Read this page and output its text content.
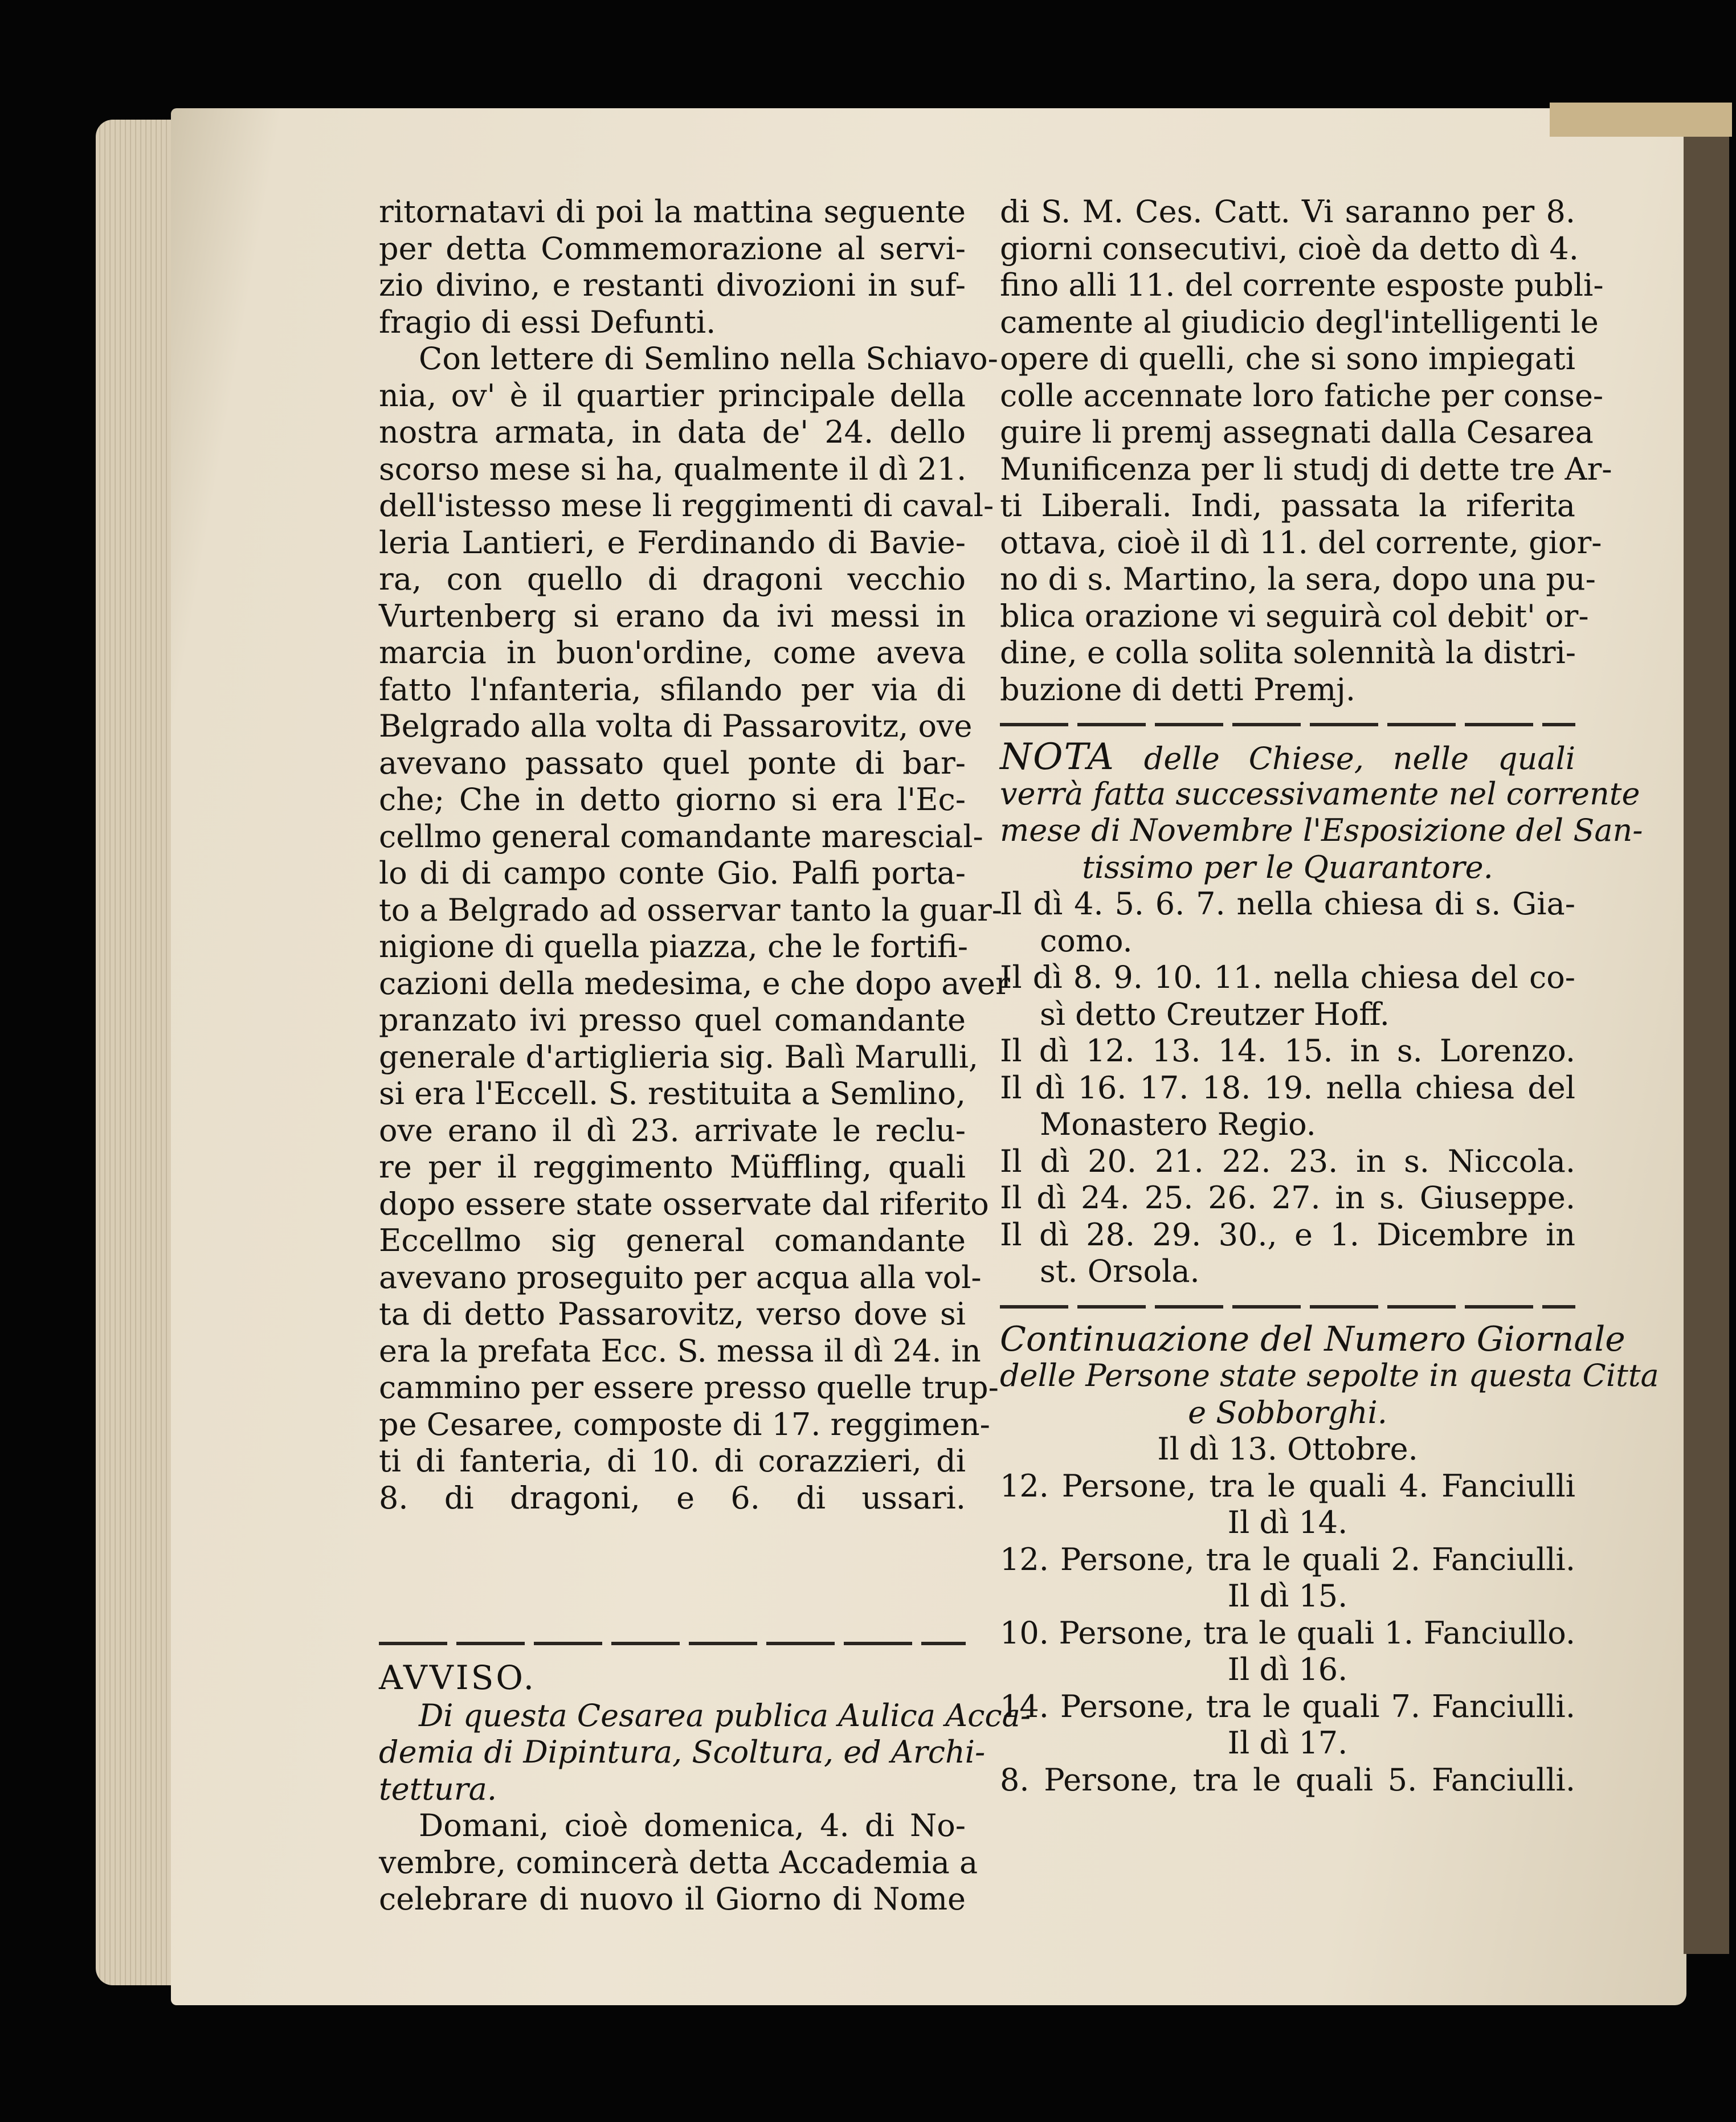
ritornatavi di poi la mattina seguente
per detta Commemorazione al servi-
zio divino, e restanti divozioni in suf-
fragio di essi Defunti.
Con lettere di Semlino nella Schiavo-
nia, ov' è il quartier principale della
nostra armata, in data de' 24. dello
scorso mese si ha, qualmente il dì 21.
dell'istesso mese li reggimenti di caval-
leria Lantieri, e Ferdinando di Bavie-
ra, con quello di dragoni vecchio
Vurtenberg si erano da ivi messi in
marcia in buon'ordine, come aveva
fatto l'nfanteria, sfilando per via di
Belgrado alla volta di Passarovitz, ove
avevano passato quel ponte di bar-
che; Che in detto giorno si era l'Ec-
cellmo general comandante marescial-
lo di di campo conte Gio. Palfi porta-
to a Belgrado ad osservar tanto la guar-
nigione di quella piazza, che le fortifi-
cazioni della medesima, e che dopo aver
pranzato ivi presso quel comandante
generale d'artiglieria sig. Balì Marulli,
si era l'Eccell. S. restituita a Semlino,
ove erano il dì 23. arrivate le reclu-
re per il reggimento Müffling, quali
dopo essere state osservate dal riferito
Eccellmo sig general comandante
avevano proseguito per acqua alla vol-
ta di detto Passarovitz, verso dove si
era la prefata Ecc. S. messa il dì 24. in
cammino per essere presso quelle trup-
pe Cesaree, composte di 17. reggimen-
ti di fanteria, di 10. di corazzieri, di
8. di dragoni, e 6. di ussari.
AVVISO.
Di questa Cesarea publica Aulica Acca-
demia di Dipintura, Scoltura, ed Archi-
tettura.
Domani, cioè domenica, 4. di No-
vembre, comincerà detta Accademia a
celebrare di nuovo il Giorno di Nome
di S. M. Ces. Catt. Vi saranno per 8.
giorni consecutivi, cioè da detto dì 4.
fino alli 11. del corrente esposte publi-
camente al giudicio degl'intelligenti le
opere di quelli, che si sono impiegati
colle accennate loro fatiche per conse-
guire li premj assegnati dalla Cesarea
Munificenza per li studj di dette tre Ar-
ti Liberali. Indi, passata la riferita
ottava, cioè il dì 11. del corrente, gior-
no di s. Martino, la sera, dopo una pu-
blica orazione vi seguirà col debit' or-
dine, e colla solita solennità la distri-
buzione di detti Premj.
NOTA delle Chiese, nelle quali
verrà fatta successivamente nel corrente
mese di Novembre l'Esposizione del San-
tissimo per le Quarantore.
Il dì 4. 5. 6. 7. nella chiesa di s. Gia-
como.
Il dì 8. 9. 10. 11. nella chiesa del co-
sì detto Creutzer Hoff.
Il dì 12. 13. 14. 15. in s. Lorenzo.
Il dì 16. 17. 18. 19. nella chiesa del
Monastero Regio.
Il dì 20. 21. 22. 23. in s. Niccola.
Il dì 24. 25. 26. 27. in s. Giuseppe.
Il dì 28. 29. 30., e 1. Dicembre in
st. Orsola.
Continuazione del Numero Giornale
delle Persone state sepolte in questa Citta
e Sobborghi.
Il dì 13. Ottobre.
12. Persone, tra le quali 4. Fanciulli
Il dì 14.
12. Persone, tra le quali 2. Fanciulli.
Il dì 15.
10. Persone, tra le quali 1. Fanciullo.
Il dì 16.
14. Persone, tra le quali 7. Fanciulli.
Il dì 17.
8. Persone, tra le quali 5. Fanciulli.
